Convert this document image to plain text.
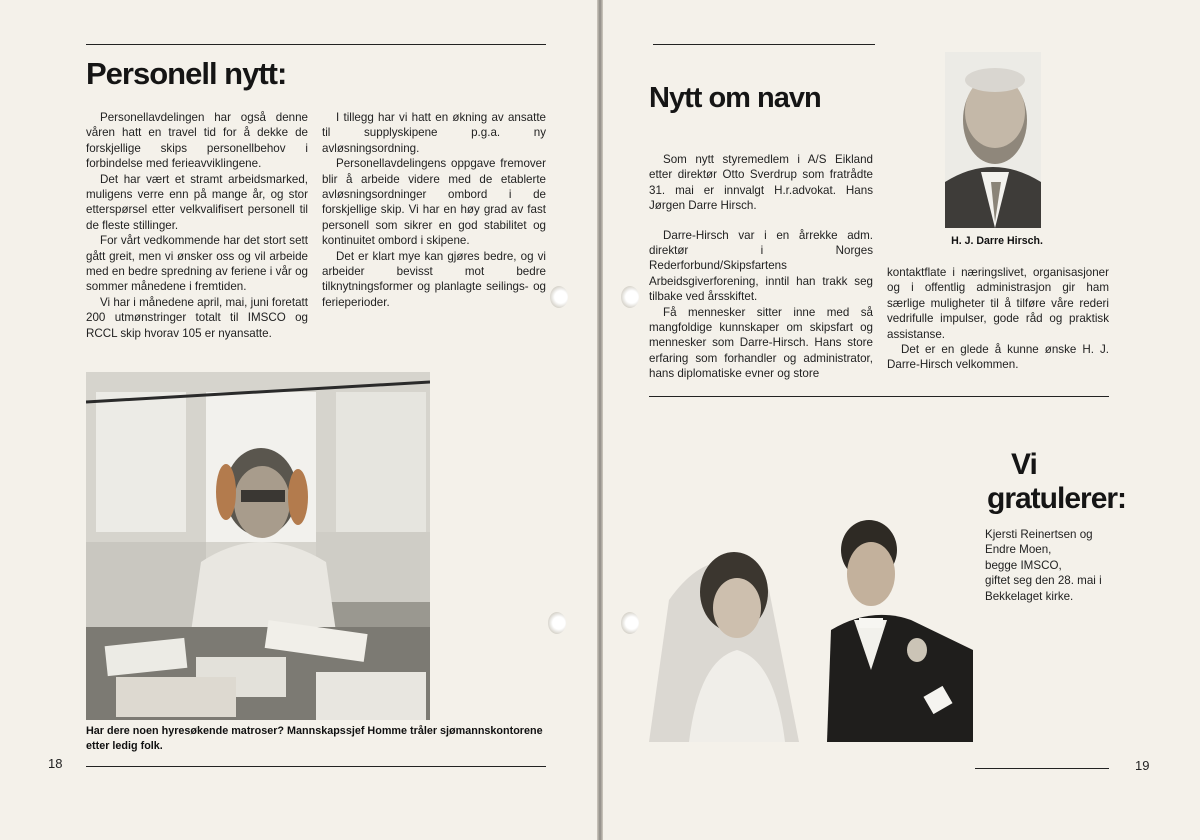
Personell nytt:

Personellavdelingen har også denne våren hatt en travel tid for å dekke de forskjellige skips personellbehov i forbindelse med ferieavviklingene.

Det har vært et stramt arbeidsmarked, muligens verre enn på mange år, og stor etterspørsel etter velkvalifisert personell til de fleste stillinger.

For vårt vedkommende har det stort sett gått greit, men vi ønsker oss og vil arbeide med en bedre spredning av feriene i vår og sommer månedene i fremtiden.

Vi har i månedene april, mai, juni foretatt 200 utmønstringer totalt til IMSCO og RCCL skip hvorav 105 er nyansatte.

I tillegg har vi hatt en økning av ansatte til supplyskipene p.g.a. ny avløsningsordning.

Personellavdelingens oppgave fremover blir å arbeide videre med de etablerte avløsningsordninger ombord i de forskjellige skip. Vi har en høy grad av fast personell som sikrer en god stabilitet og kontinuitet ombord i skipene.

Det er klart mye kan gjøres bedre, og vi arbeider bevisst mot bedre tilknytningsformer og planlagte seilings- og ferieperioder.

Har dere noen hyresøkende matroser? Mannskapssjef Homme tråler sjømannskontorene etter ledig folk.
18
Nytt om navn

Som nytt styremedlem i A/S Eikland etter direktør Otto Sverdrup som fratrådte 31. mai er innvalgt H.r.advokat. Hans Jørgen Darre Hirsch.

Darre-Hirsch var i en årrekke adm. direktør i Norges Rederforbund/Skipsfartens Arbeidsgiverforening, inntil han trakk seg tilbake ved årsskiftet.

Få mennesker sitter inne med så mangfoldige kunnskaper om skipsfart og mennesker som Darre-Hirsch. Hans store erfaring som forhandler og administrator, hans diplomatiske evner og store

H. J. Darre Hirsch.

kontaktflate i næringslivet, organisasjoner og i offentlig administrasjon gir ham særlige muligheter til å tilføre våre rederi vedrifulle impulser, gode råd og praktisk assistanse.

Det er en glede å kunne ønske H. J. Darre-Hirsch velkommen.

Vi
gratulerer:
Kjersti Reinertsen og
Endre Moen,
begge IMSCO,
giftet seg den 28. mai i
Bekkelaget kirke.
19
